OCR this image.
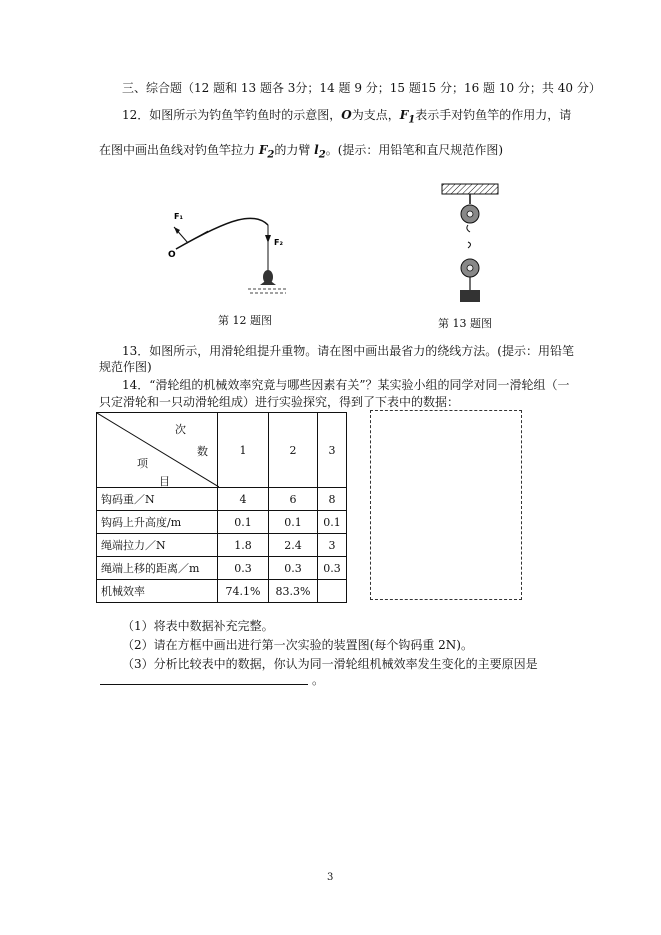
三、综合题（12 题和 13 题各 3分；14 题 9 分；15 题15 分；16 题 10 分；共 40 分）
12．如图所示为钓鱼竿钓鱼时的示意图，O为支点，$F_1$表示手对钓鱼竿的作用力，请
在图中画出鱼线对钓鱼竿拉力 $F_2$的力臂 $l_2$。(提示：用铅笔和直尺规范作图)
F₁
O
F₂
第 12 题图	第 13 题图
13．如图所示，用滑轮组提升重物。请在图中画出最省力的绕线方法。(提示：用铅笔
规范作图)
14．“滑轮组的机械效率究竟与哪些因素有关”？某实验小组的同学对同一滑轮组（一
只定滑轮和一只动滑轮组成）进行实验探究，得到了下表中的数据：
次
数
项
目	1	2	3
钩码重／N	4	6	8
钩码上升高度/m	0.1	0.1	0.1
绳端拉力／N	1.8	2.4	3
绳端上移的距离／m	0.3	0.3	0.3
机械效率	74.1%	83.3%	
（1）将表中数据补充完整。
（2）请在方框中画出进行第一次实验的装置图(每个钩码重 2N)。
（3）分析比较表中的数据，你认为同一滑轮组机械效率发生变化的主要原因是
。
3
